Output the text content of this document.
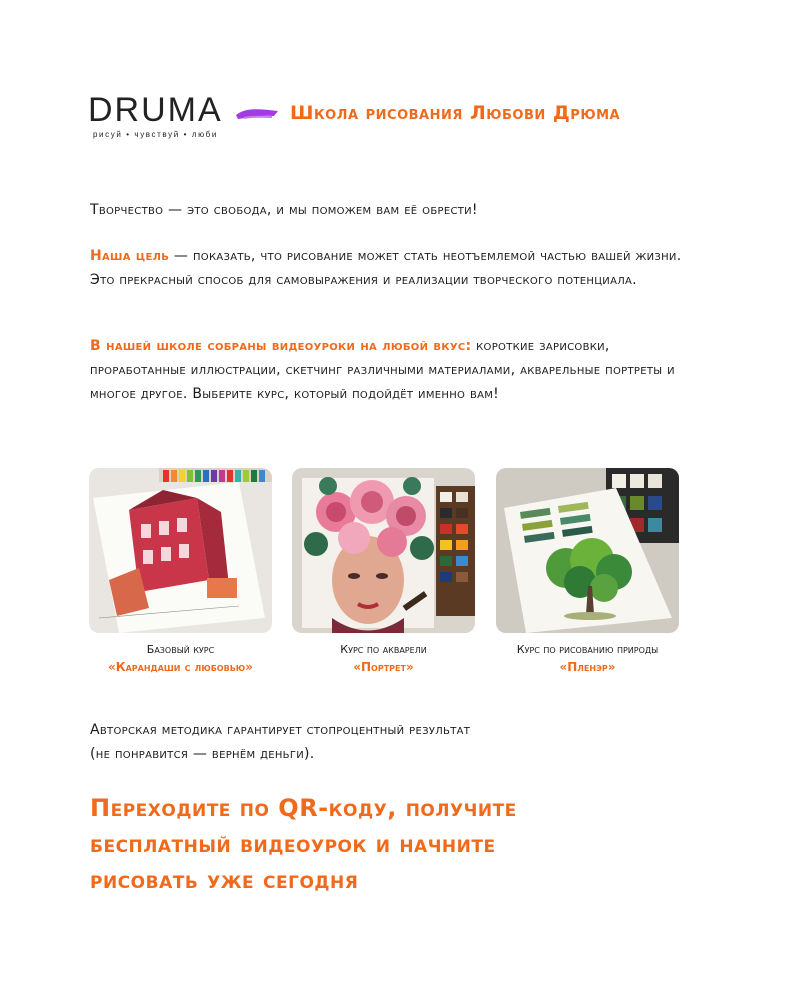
DRUMA
рисуй • чувствуй • люби
Школа рисования Любови Дрюма
Творчество — это свобода, и мы поможем вам её обрести!
Наша цель — показать, что рисование может стать неотъемлемой частью вашей жизни. Это прекрасный способ для самовыражения и реализации творческого потенциала.
В нашей школе собраны видеоуроки на любой вкус: короткие зарисовки, проработанные иллюстрации, скетчинг различными материалами, акварельные портреты и многое другое. Выберите курс, который подойдёт именно вам!
Базовый курс
«Карандаши с любовью»
Курс по акварели
«Портрет»
Курс по рисованию природы
«Пленэр»
Авторская методика гарантирует стопроцентный результат
(не понравится — вернём деньги).
Переходите по QR-коду, получите
бесплатный видеоурок и начните
рисовать уже сегодня
